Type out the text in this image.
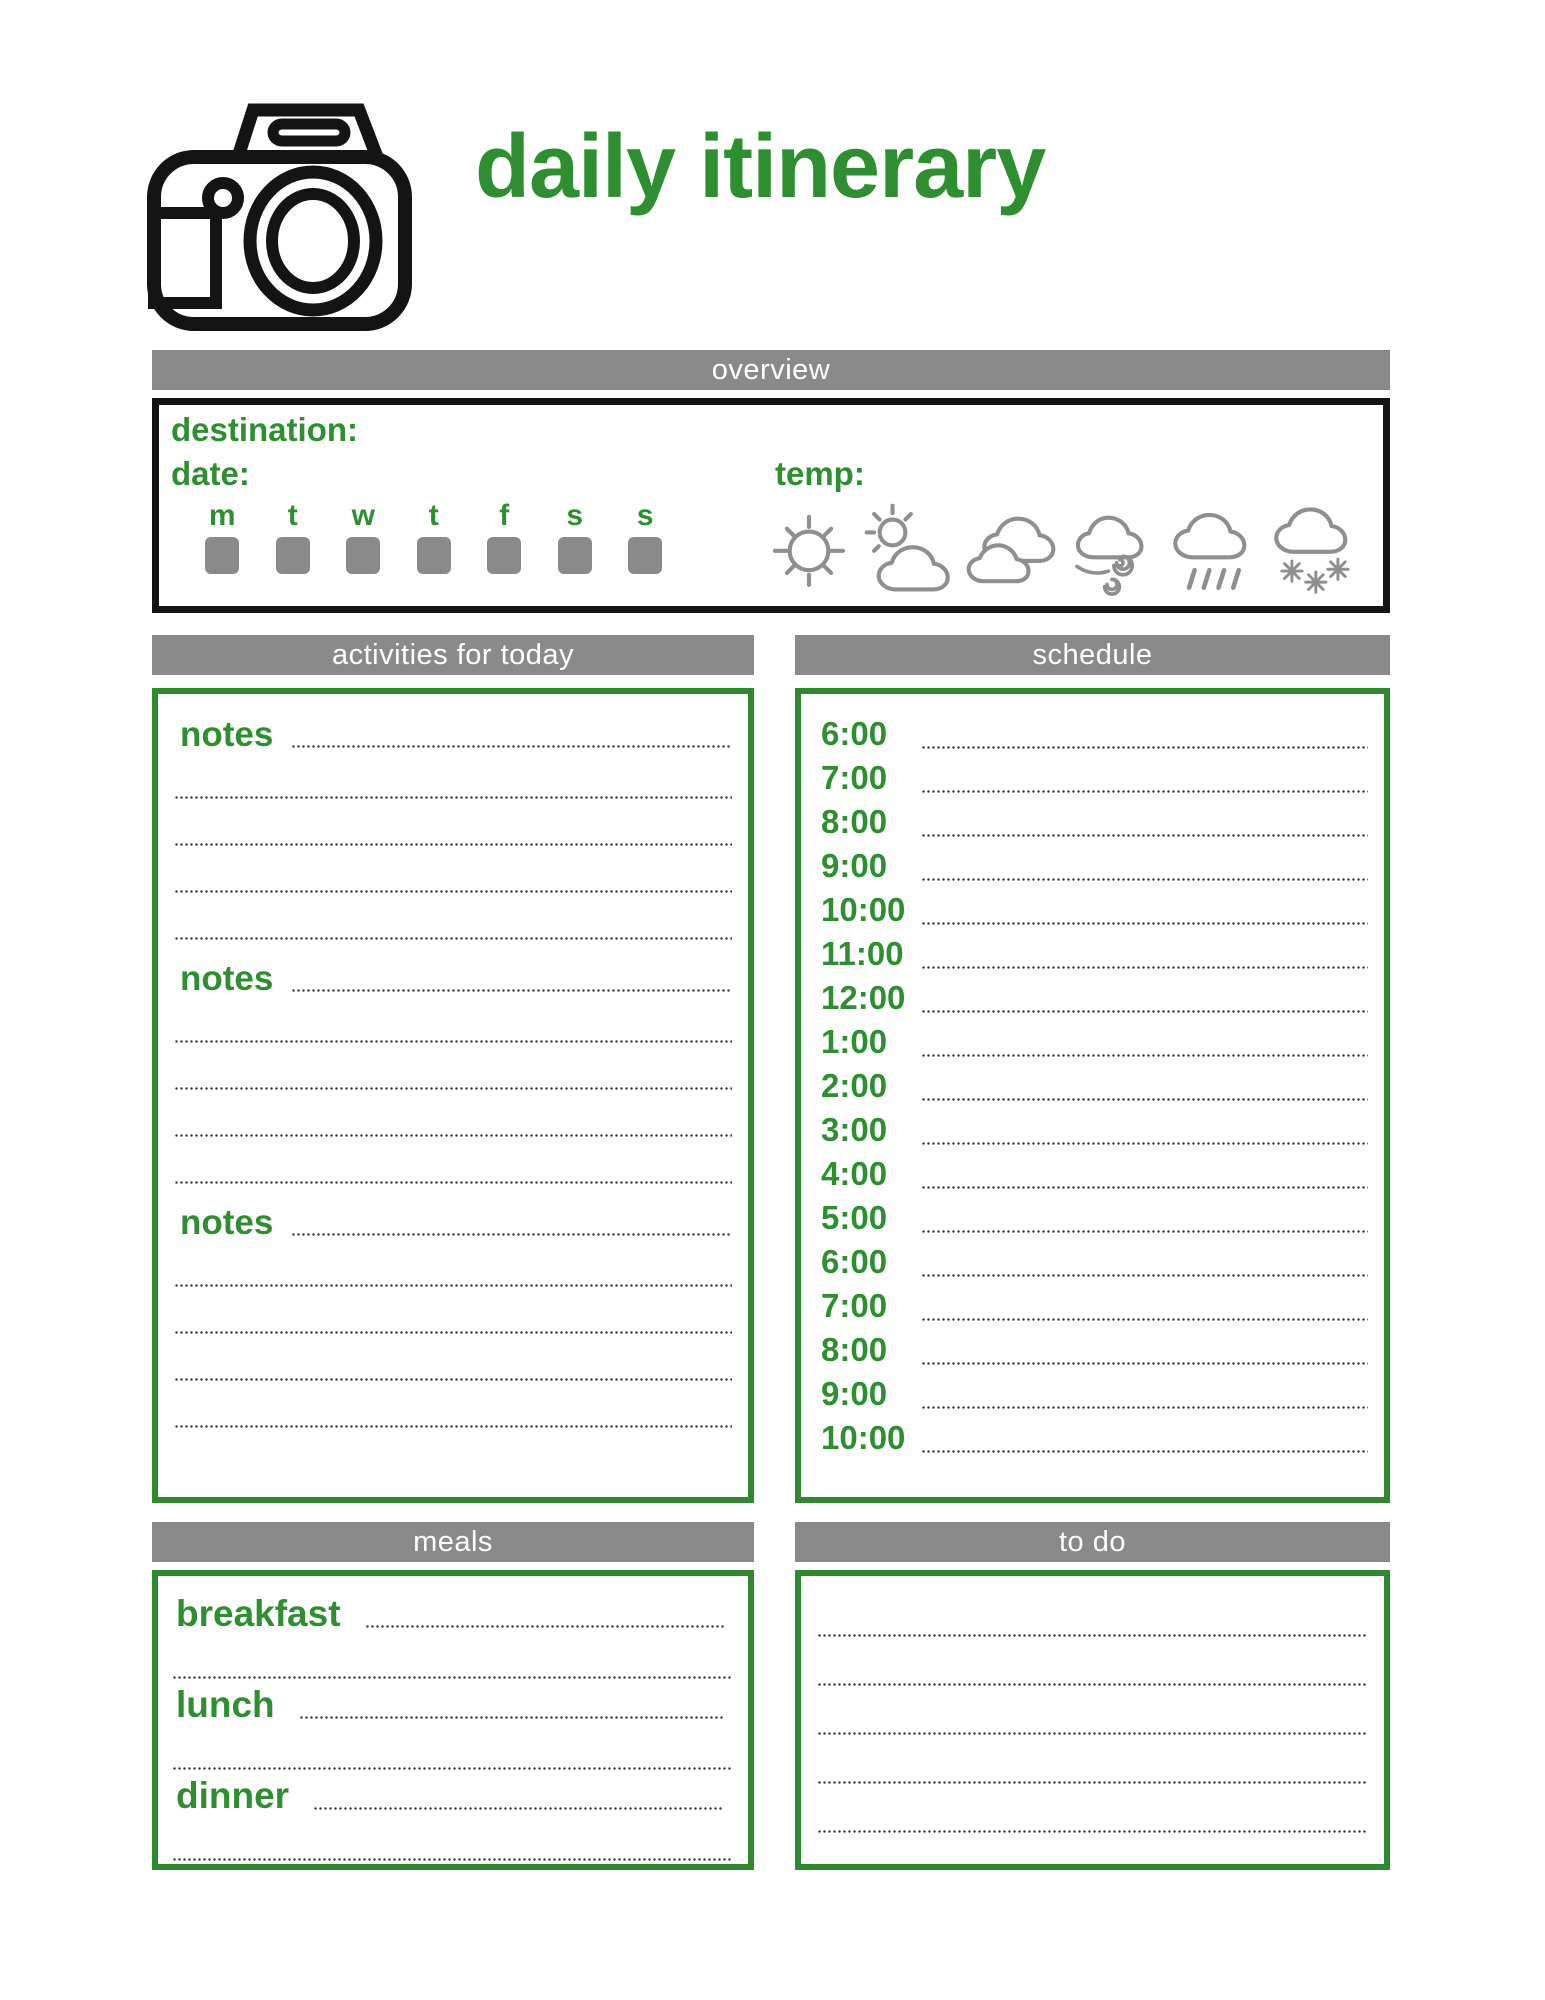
daily itinerary
overview
destination:
date:	temp:
m t w t f s s
activities for today
notes
notes
notes
schedule
6:00
7:00
8:00
9:00
10:00
11:00
12:00
1:00
2:00
3:00
4:00
5:00
6:00
7:00
8:00
9:00
10:00
meals
breakfast
lunch
dinner
to do
